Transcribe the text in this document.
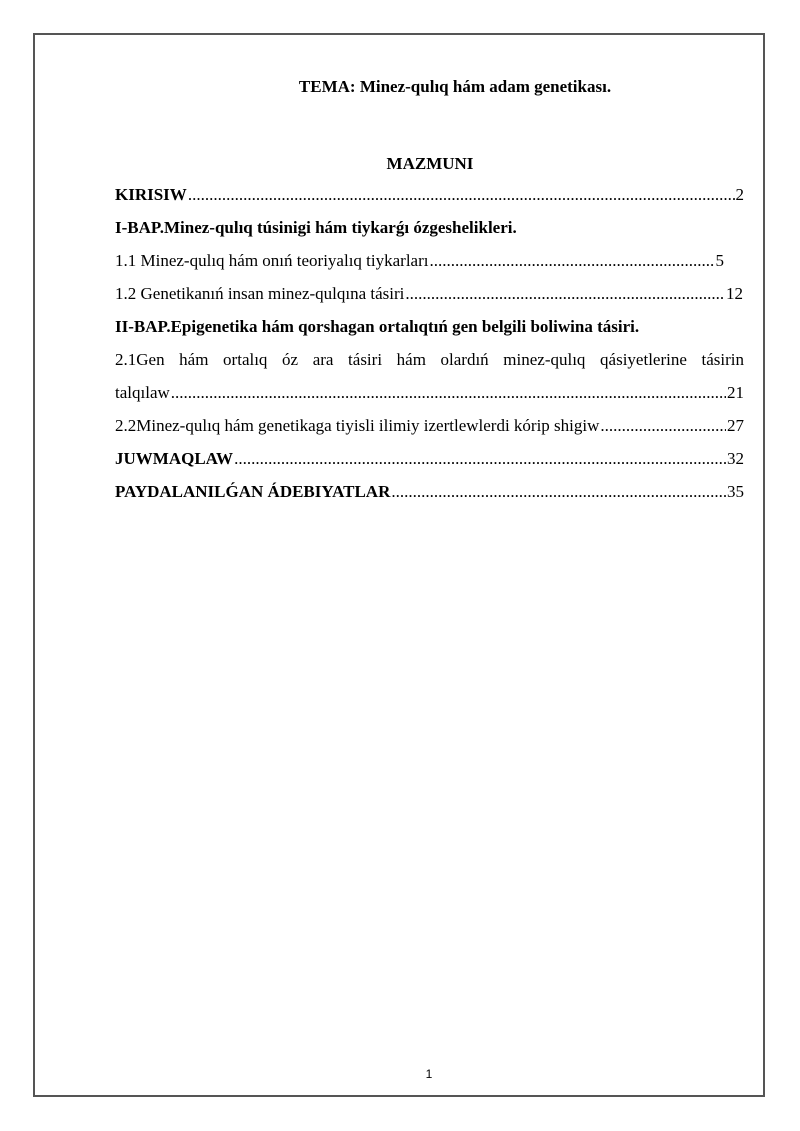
TEMA: Minez-qulıq hám adam genetikası.
MAZMUNI
KIRISIW .....	2
I-BAP.Minez-qulıq túsinigi hám tiykarǵı ózgeshelikleri.
1.1 Minez-qulıq hám onıń teoriyalıq tiykarları .....	5
1.2 Genetikanıń insan minez-qulqına tásiri .....	12
II-BAP.Epigenetika hám qorshagan ortalıqtıń gen belgili boliwina tásiri.
2.1Gen hám ortalıq óz ara tásiri hám olardıń minez-qulıq qásiyetlerine tásirin
talqılaw .....	21
2.2Minez-qulıq hám genetikaga tiyisli ilimiy izertlewlerdi kórip shigiw .....	27
JUWMAQLAW .....	32
PAYDALANILǴAN ÁDEBIYATLAR .....	35
1
